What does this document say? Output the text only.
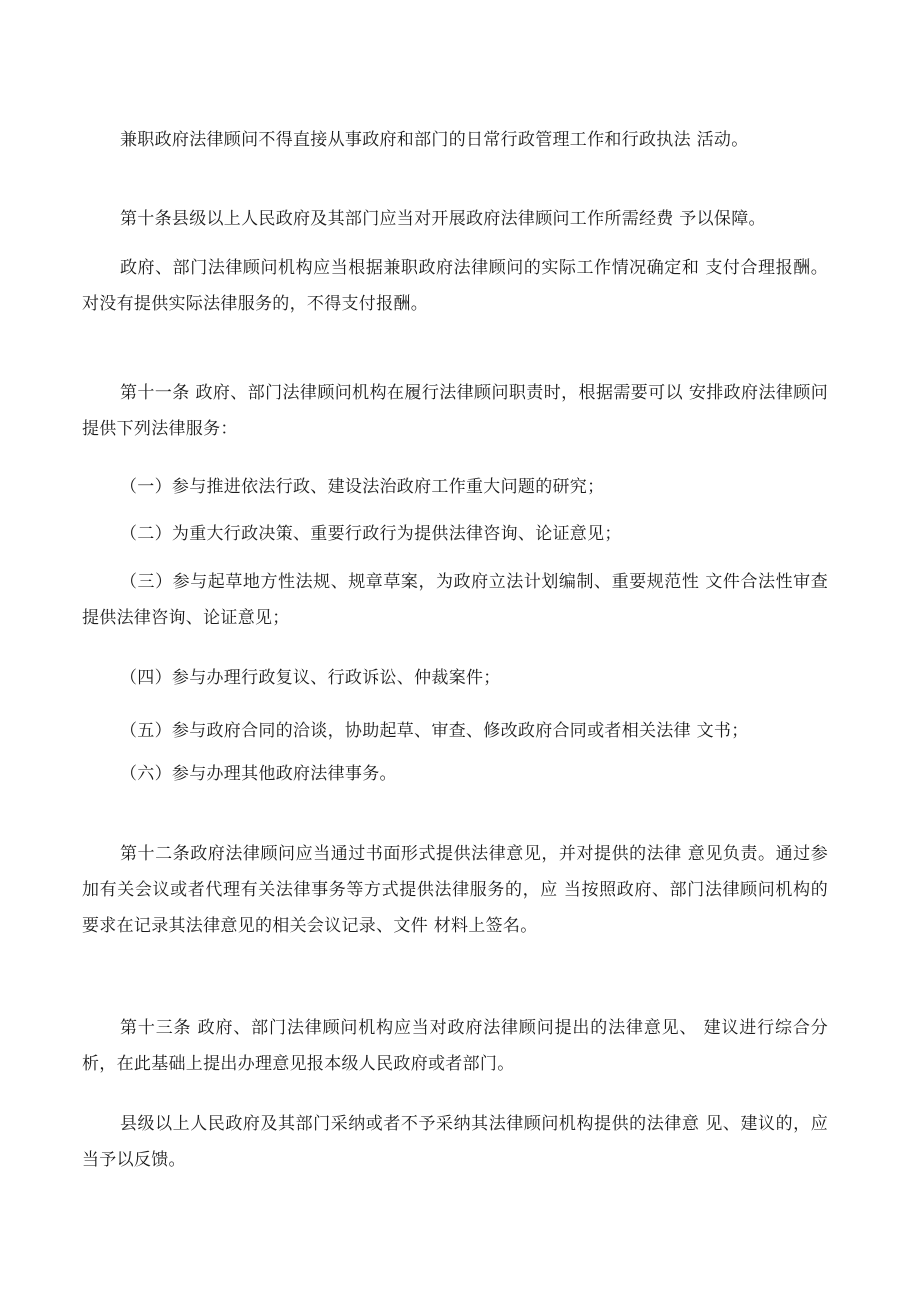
兼职政府法律顾问不得直接从事政府和部门的日常行政管理工作和行政执法 活动。

第十条县级以上人民政府及其部门应当对开展政府法律顾问工作所需经费 予以保障。

政府、部门法律顾问机构应当根据兼职政府法律顾问的实际工作情况确定和 支付合理报酬。对没有提供实际法律服务的，不得支付报酬。

第十一条 政府、部门法律顾问机构在履行法律顾问职责时，根据需要可以 安排政府法律顾问提供下列法律服务：

（一）参与推进依法行政、建设法治政府工作重大问题的研究；

（二）为重大行政决策、重要行政行为提供法律咨询、论证意见；

（三）参与起草地方性法规、规章草案，为政府立法计划编制、重要规范性 文件合法性审查提供法律咨询、论证意见；

（四）参与办理行政复议、行政诉讼、仲裁案件；

（五）参与政府合同的洽谈，协助起草、审查、修改政府合同或者相关法律 文书；

（六）参与办理其他政府法律事务。

第十二条政府法律顾问应当通过书面形式提供法律意见，并对提供的法律 意见负责。通过参加有关会议或者代理有关法律事务等方式提供法律服务的，应 当按照政府、部门法律顾问机构的要求在记录其法律意见的相关会议记录、文件 材料上签名。

第十三条 政府、部门法律顾问机构应当对政府法律顾问提出的法律意见、 建议进行综合分析，在此基础上提出办理意见报本级人民政府或者部门。

县级以上人民政府及其部门采纳或者不予采纳其法律顾问机构提供的法律意 见、建议的，应当予以反馈。
